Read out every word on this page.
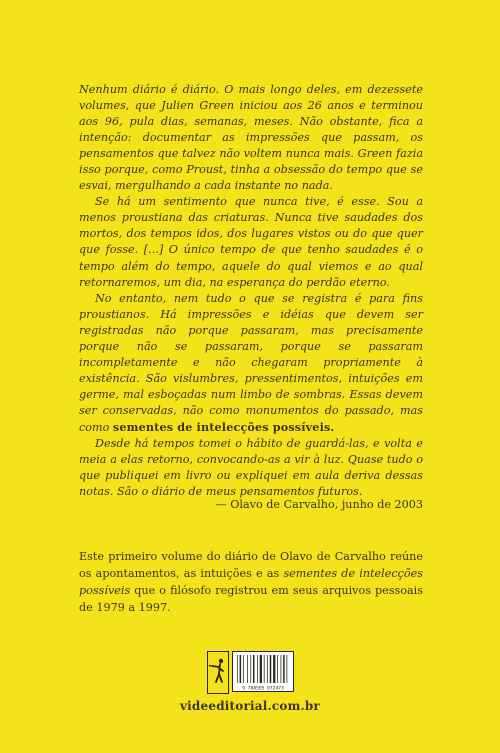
Nenhum diário é diário. O mais longo deles, em dezessete volumes, que Julien Green iniciou aos 26 anos e terminou aos 96, pula dias, semanas, meses. Não obstante, fica a intenção: documentar as impressões que passam, os pensamentos que talvez não voltem nunca mais. Green fazia isso porque, como Proust, tinha a obsessão do tempo que se esvai, mergulhando a cada instante no nada.

Se há um sentimento que nunca tive, é esse. Sou a menos proustiana das criaturas. Nunca tive saudades dos mortos, dos tempos idos, dos lugares vistos ou do que quer que fosse. [...] O único tempo de que tenho saudades é o tempo além do tempo, aquele do qual viemos e ao qual retornaremos, um dia, na esperança do perdão eterno.

No entanto, nem tudo o que se registra é para fins proustianos. Há impressões e idéias que devem ser registradas não porque passaram, mas precisamente porque não se passaram, porque se passaram incompletamente e não chegaram propriamente à existência. São vislumbres, pressentimentos, intuições em germe, mal esboçadas num limbo de sombras. Essas devem ser conservadas, não como monumentos do passado, mas como sementes de intelecções possíveis.

Desde há tempos tomei o hábito de guardá-las, e volta e meia a elas retorno, convocando-as a vir à luz. Quase tudo o que publiquei em livro ou expliquei em aula deriva dessas notas. São o diário de meus pensamentos futuros.

— Olavo de Carvalho, junho de 2003

Este primeiro volume do diário de Olavo de Carvalho reúne os apontamentos, as intuições e as sementes de intelecções possíveis que o filósofo registrou em seus arquivos pessoais de 1979 a 1997.

9 788595 072473
videeditorial.com.br
